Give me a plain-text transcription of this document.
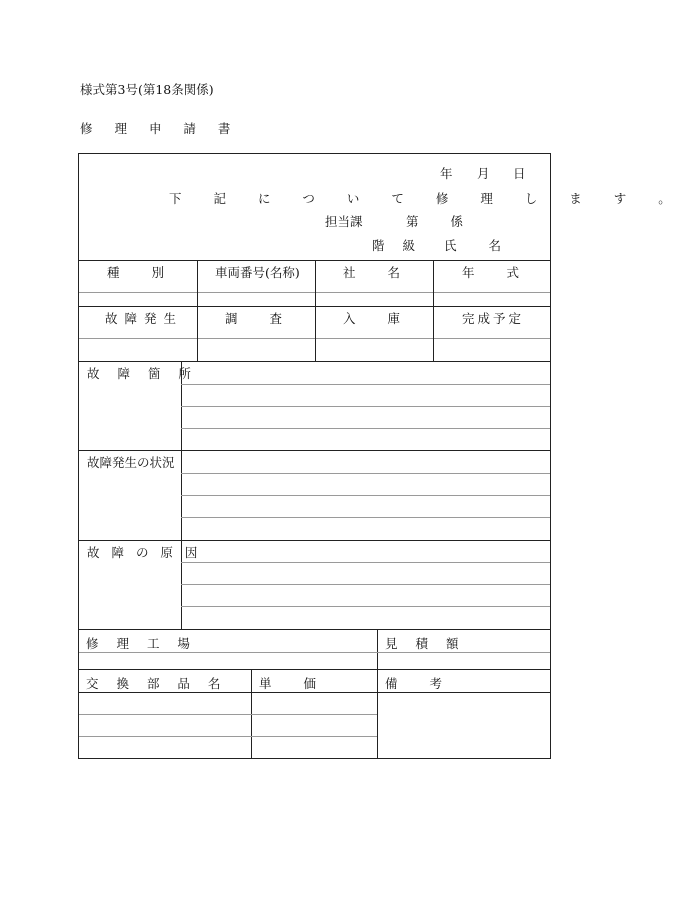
様式第3号(第18条関係)
修 理 申 請 書
年 月 日
下 記 に つ い て 修 理 し ま す 。
担当課	第 係
階 級 氏 名
種 別	車両番号(名称)	社 名	年 式
故障発生	調 査	入 庫	完成予定
故 障 箇 所
故障発生の状況
故 障 の 原 因
修 理 工 場	見 積 額
交 換 部 品 名	単 価	備 考
